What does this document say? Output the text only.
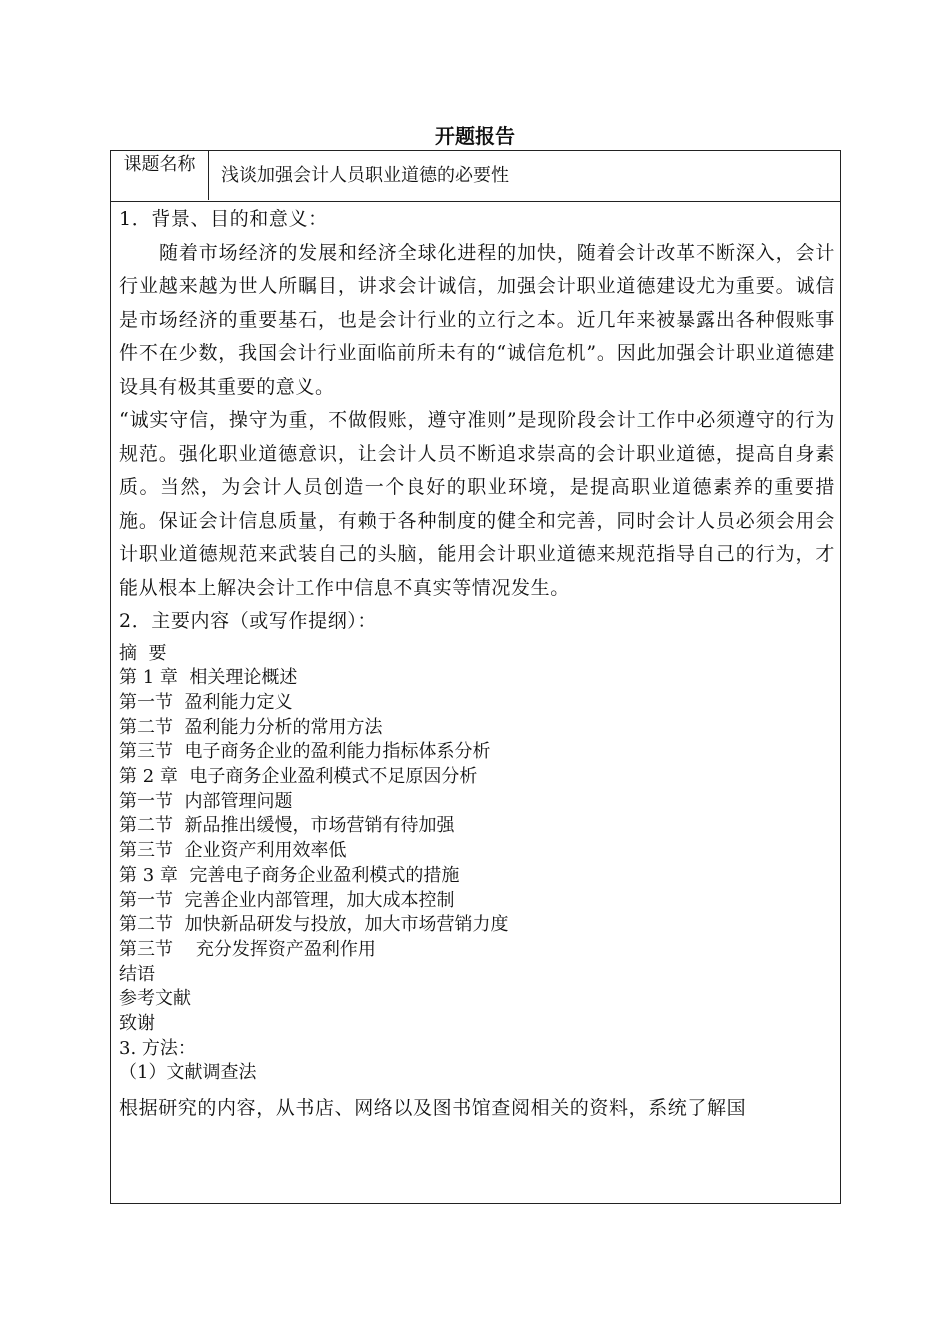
开题报告
课题名称
浅谈加强会计人员职业道德的必要性

1．背景、目的和意义：

随着市场经济的发展和经济全球化进程的加快，随着会计改革不断深入，会计行业越来越为世人所瞩目，讲求会计诚信，加强会计职业道德建设尤为重要。诚信是市场经济的重要基石，也是会计行业的立行之本。近几年来被暴露出各种假账事件不在少数，我国会计行业面临前所未有的“诚信危机”。因此加强会计职业道德建设具有极其重要的意义。

“诚实守信，操守为重，不做假账，遵守准则”是现阶段会计工作中必须遵守的行为规范。强化职业道德意识，让会计人员不断追求崇高的会计职业道德，提高自身素质。当然，为会计人员创造一个良好的职业环境，是提高职业道德素养的重要措施。保证会计信息质量，有赖于各种制度的健全和完善，同时会计人员必须会用会计职业道德规范来武装自己的头脑，能用会计职业道德来规范指导自己的行为，才能从根本上解决会计工作中信息不真实等情况发生。

2．主要内容（或写作提纲）：

摘  要
第 1 章  相关理论概述
第一节  盈利能力定义
第二节  盈利能力分析的常用方法
第三节  电子商务企业的盈利能力指标体系分析
第 2 章  电子商务企业盈利模式不足原因分析
第一节  内部管理问题
第二节  新品推出缓慢，市场营销有待加强
第三节  企业资产利用效率低
第 3 章  完善电子商务企业盈利模式的措施
第一节  完善企业内部管理，加大成本控制
第二节  加快新品研发与投放，加大市场营销力度
第三节    充分发挥资产盈利作用
结语
参考文献
致谢

3. 方法：

（1）文献调查法

根据研究的内容，从书店、网络以及图书馆查阅相关的资料，系统了解国
